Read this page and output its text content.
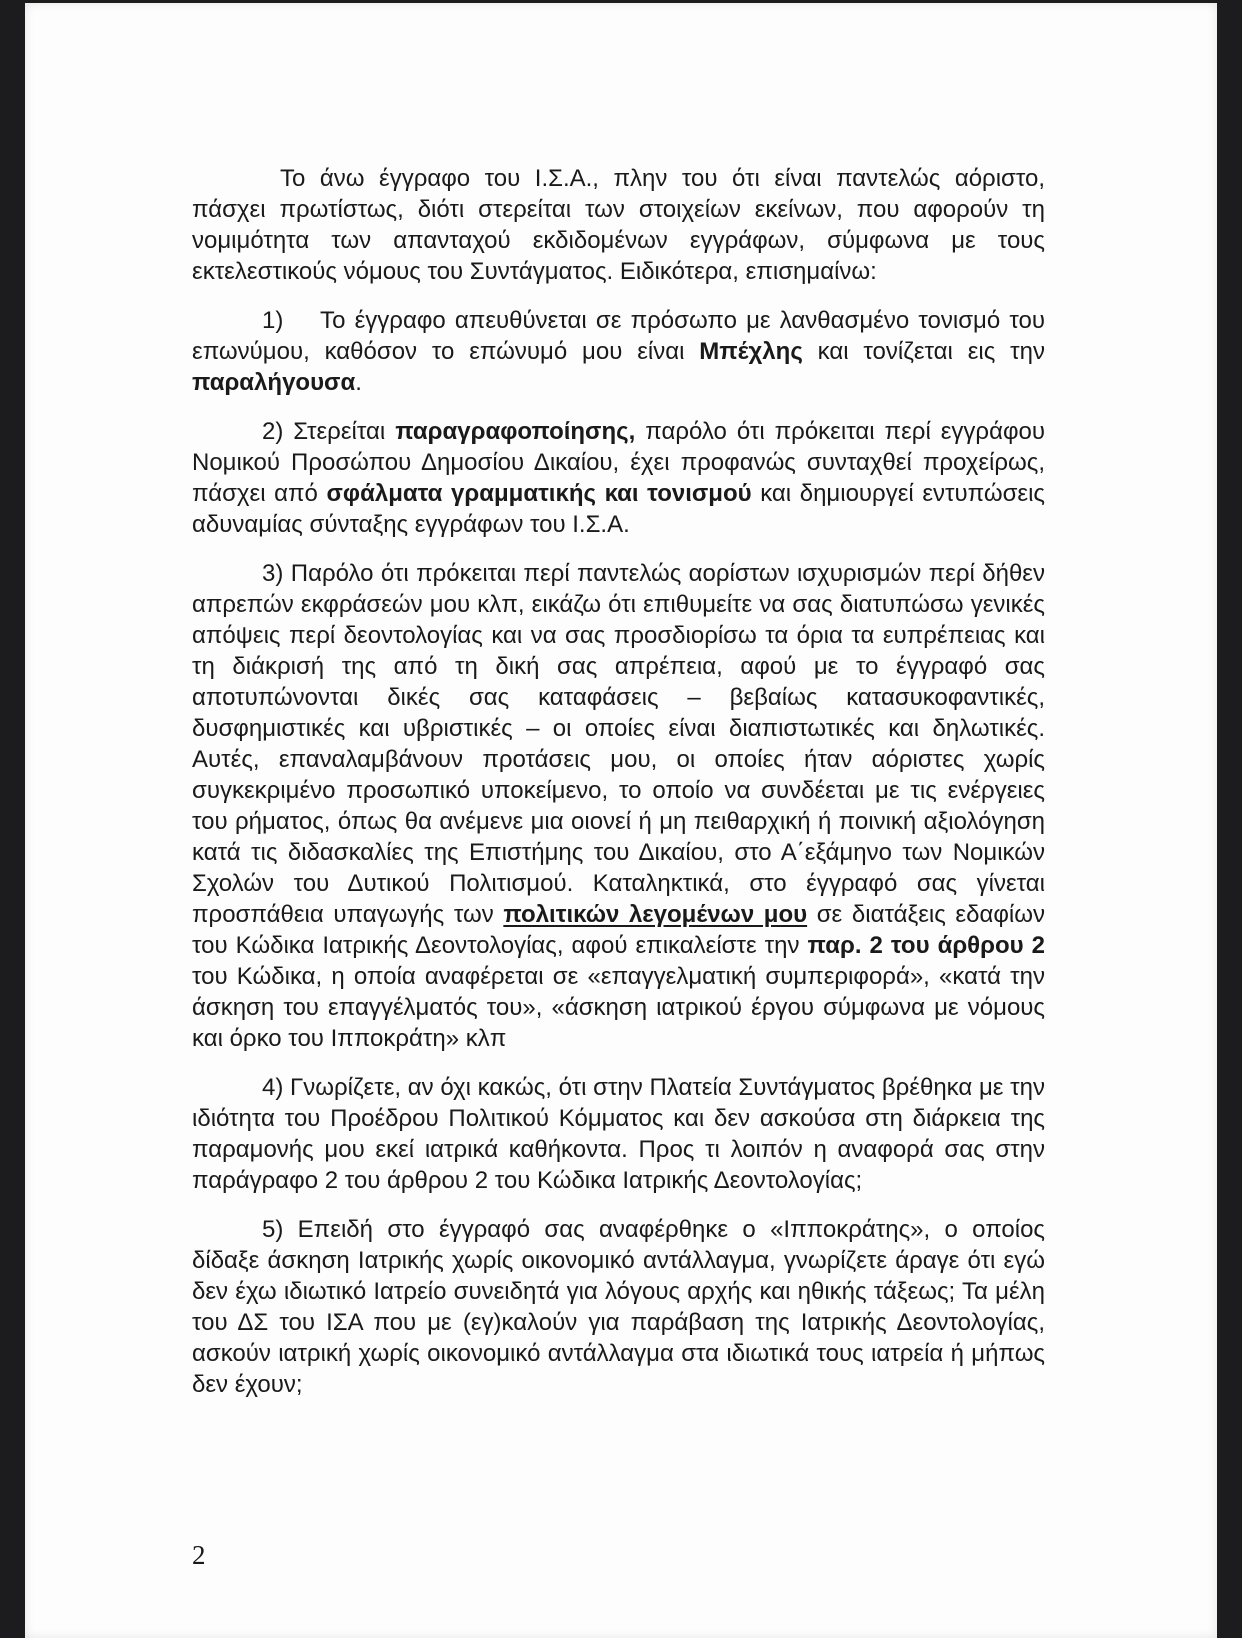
Το άνω έγγραφο του Ι.Σ.Α., πλην του ότι είναι παντελώς αόριστο, πάσχει πρωτίστως, διότι στερείται των στοιχείων εκείνων, που αφορούν τη νομιμότητα των απανταχού εκδιδομένων εγγράφων, σύμφωνα με τους εκτελεστικούς νόμους του Συντάγματος. Ειδικότερα, επισημαίνω:

1)    Το έγγραφο απευθύνεται σε πρόσωπο με λανθασμένο τονισμό του επωνύμου, καθόσον το επώνυμό μου είναι Μπέχλης και τονίζεται εις την παραλήγουσα.

2) Στερείται παραγραφοποίησης, παρόλο ότι πρόκειται περί εγγράφου Νομικού Προσώπου Δημοσίου Δικαίου, έχει προφανώς συνταχθεί προχείρως, πάσχει από σφάλματα γραμματικής και τονισμού και δημιουργεί εντυπώσεις αδυναμίας σύνταξης εγγράφων του Ι.Σ.Α.

3) Παρόλο ότι πρόκειται περί παντελώς αορίστων ισχυρισμών περί δήθεν απρεπών εκφράσεών μου κλπ, εικάζω ότι επιθυμείτε να σας διατυπώσω γενικές απόψεις περί δεοντολογίας και να σας προσδιορίσω τα όρια τα ευπρέπειας και τη διάκρισή της από τη δική σας απρέπεια, αφού με το έγγραφό σας αποτυπώνονται δικές σας καταφάσεις – βεβαίως κατασυκοφαντικές, δυσφημιστικές και υβριστικές – οι οποίες είναι διαπιστωτικές και δηλωτικές. Αυτές, επαναλαμβάνουν προτάσεις μου, οι οποίες ήταν αόριστες χωρίς συγκεκριμένο προσωπικό υποκείμενο, το οποίο να συνδέεται με τις ενέργειες του ρήματος, όπως θα ανέμενε μια οιονεί ή μη πειθαρχική ή ποινική αξιολόγηση κατά τις διδασκαλίες της Επιστήμης του Δικαίου, στο Α΄εξάμηνο των Νομικών Σχολών του Δυτικού Πολιτισμού. Καταληκτικά, στο έγγραφό σας γίνεται προσπάθεια υπαγωγής των πολιτικών λεγομένων μου σε διατάξεις εδαφίων του Κώδικα Ιατρικής Δεοντολογίας, αφού επικαλείστε την παρ. 2 του άρθρου 2 του Κώδικα, η οποία αναφέρεται σε «επαγγελματική συμπεριφορά», «κατά την άσκηση του επαγγέλματός του», «άσκηση ιατρικού έργου σύμφωνα με νόμους και όρκο του Ιπποκράτη» κλπ

4) Γνωρίζετε, αν όχι κακώς, ότι στην Πλατεία Συντάγματος βρέθηκα με την ιδιότητα του Προέδρου Πολιτικού Κόμματος και δεν ασκούσα στη διάρκεια της παραμονής μου εκεί ιατρικά καθήκοντα. Προς τι λοιπόν η αναφορά σας στην παράγραφο 2 του άρθρου 2 του Κώδικα Ιατρικής Δεοντολογίας;

5) Επειδή στο έγγραφό σας αναφέρθηκε ο «Ιπποκράτης», ο οποίος δίδαξε άσκηση Ιατρικής χωρίς οικονομικό αντάλλαγμα, γνωρίζετε άραγε ότι εγώ δεν έχω ιδιωτικό Ιατρείο συνειδητά για λόγους αρχής και ηθικής τάξεως; Τα μέλη του ΔΣ του ΙΣΑ που με (εγ)καλούν για παράβαση της Ιατρικής Δεοντολογίας, ασκούν ιατρική χωρίς οικονομικό αντάλλαγμα στα ιδιωτικά τους ιατρεία ή μήπως δεν έχουν;

2
